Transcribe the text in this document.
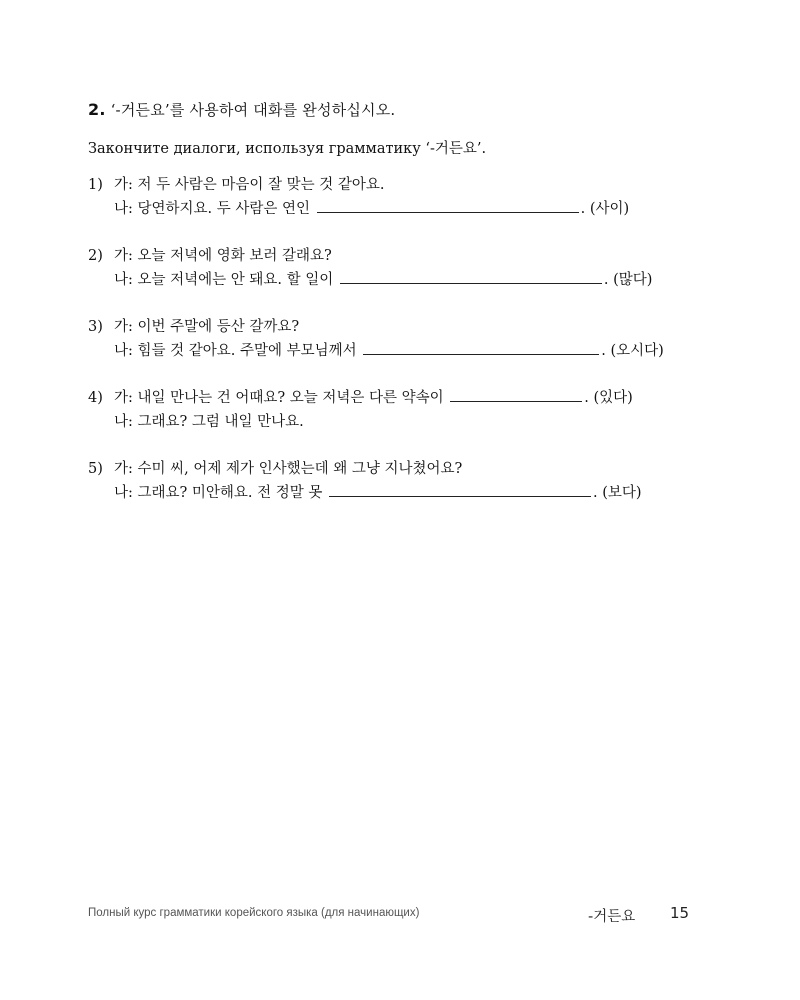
2. ‘-거든요’를 사용하여 대화를 완성하십시오.
Закончите диалоги, используя грамматику ‘-거든요’.
1) 가: 저 두 사람은 마음이 잘 맞는 것 같아요.
나: 당연하지요. 두 사람은 연인	. (사이)
2) 가: 오늘 저녁에 영화 보러 갈래요?
나: 오늘 저녁에는 안 돼요. 할 일이	. (많다)
3) 가: 이번 주말에 등산 갈까요?
나: 힘들 것 같아요. 주말에 부모님께서	. (오시다)
4) 가: 내일 만나는 건 어때요? 오늘 저녁은 다른 약속이	. (있다)
나: 그래요? 그럼 내일 만나요.
5) 가: 수미 씨, 어제 제가 인사했는데 왜 그냥 지나쳤어요?
나: 그래요? 미안해요. 전 정말 못	. (보다)
Полный курс грамматики корейского языка (для начинающих)	-거든요 15
